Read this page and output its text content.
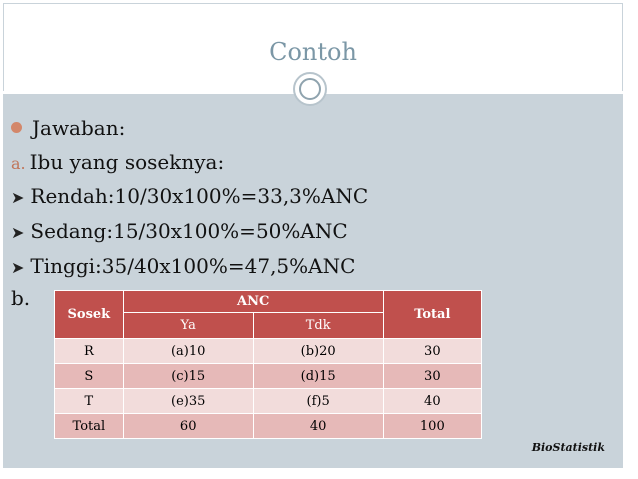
Contoh
Jawaban:
a. Ibu yang soseknya:
➤ Rendah:10/30x100%=33,3%ANC
➤ Sedang:15/30x100%=50%ANC
➤ Tinggi:35/40x100%=47,5%ANC
b.
BioStatistik
Sosek	ANC		Total
	Ya	Tdk	
R	(a)10	(b)20	30
S	(c)15	(d)15	30
T	(e)35	(f)5	40
Total	60	40	100
